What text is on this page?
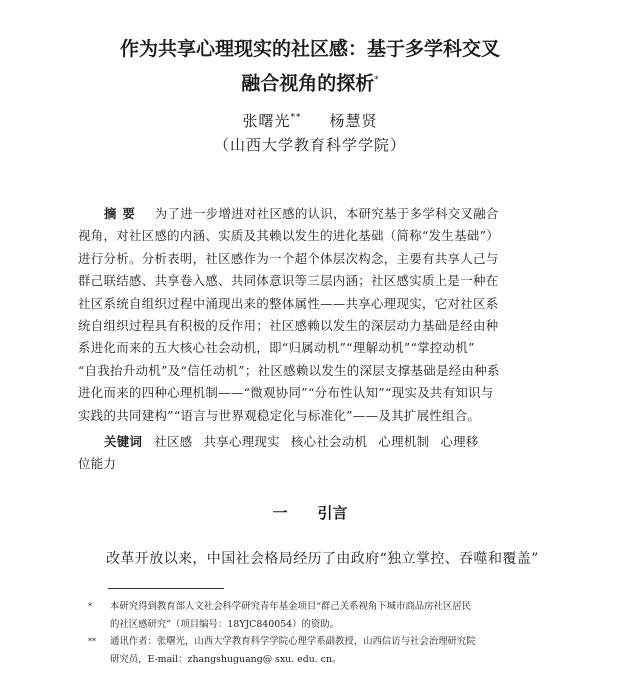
作为共享心理现实的社区感：基于多学科交叉
融合视角的探析*
张曙光** 杨慧贤
（山西大学教育科学学院）
摘要 为了进一步增进对社区感的认识，本研究基于多学科交叉融合
视角，对社区感的内涵、实质及其赖以发生的进化基础（简称“发生基础”）
进行分析。分析表明，社区感作为一个超个体层次构念，主要有共享人己与
群己联结感、共享卷入感、共同体意识等三层内涵；社区感实质上是一种在
社区系统自组织过程中涌现出来的整体属性——共享心理现实，它对社区系
统自组织过程具有积极的反作用；社区感赖以发生的深层动力基础是经由种
系进化而来的五大核心社会动机，即“归属动机”“理解动机”“掌控动机”
“自我抬升动机”及“信任动机”；社区感赖以发生的深层支撑基础是经由种系
进化而来的四种心理机制——“微观协同”“分布性认知”“现实及共有知识与
实践的共同建构”“语言与世界观稳定化与标准化”——及其扩展性组合。
关键词 社区感 共享心理现实 核心社会动机 心理机制 心理移
位能力
一 引言
改革开放以来，中国社会格局经历了由政府“独立掌控、吞噬和覆盖”
* 本研究得到教育部人文社会科学研究青年基金项目“群己关系视角下城市商品房社区居民
的社区感研究”（项目编号：18YJC840054）的资助。
** 通讯作者：张曙光，山西大学教育科学学院心理学系副教授，山西信访与社会治理研究院
研究员，E-mail：zhangshuguang@ sxu. edu. cn。
